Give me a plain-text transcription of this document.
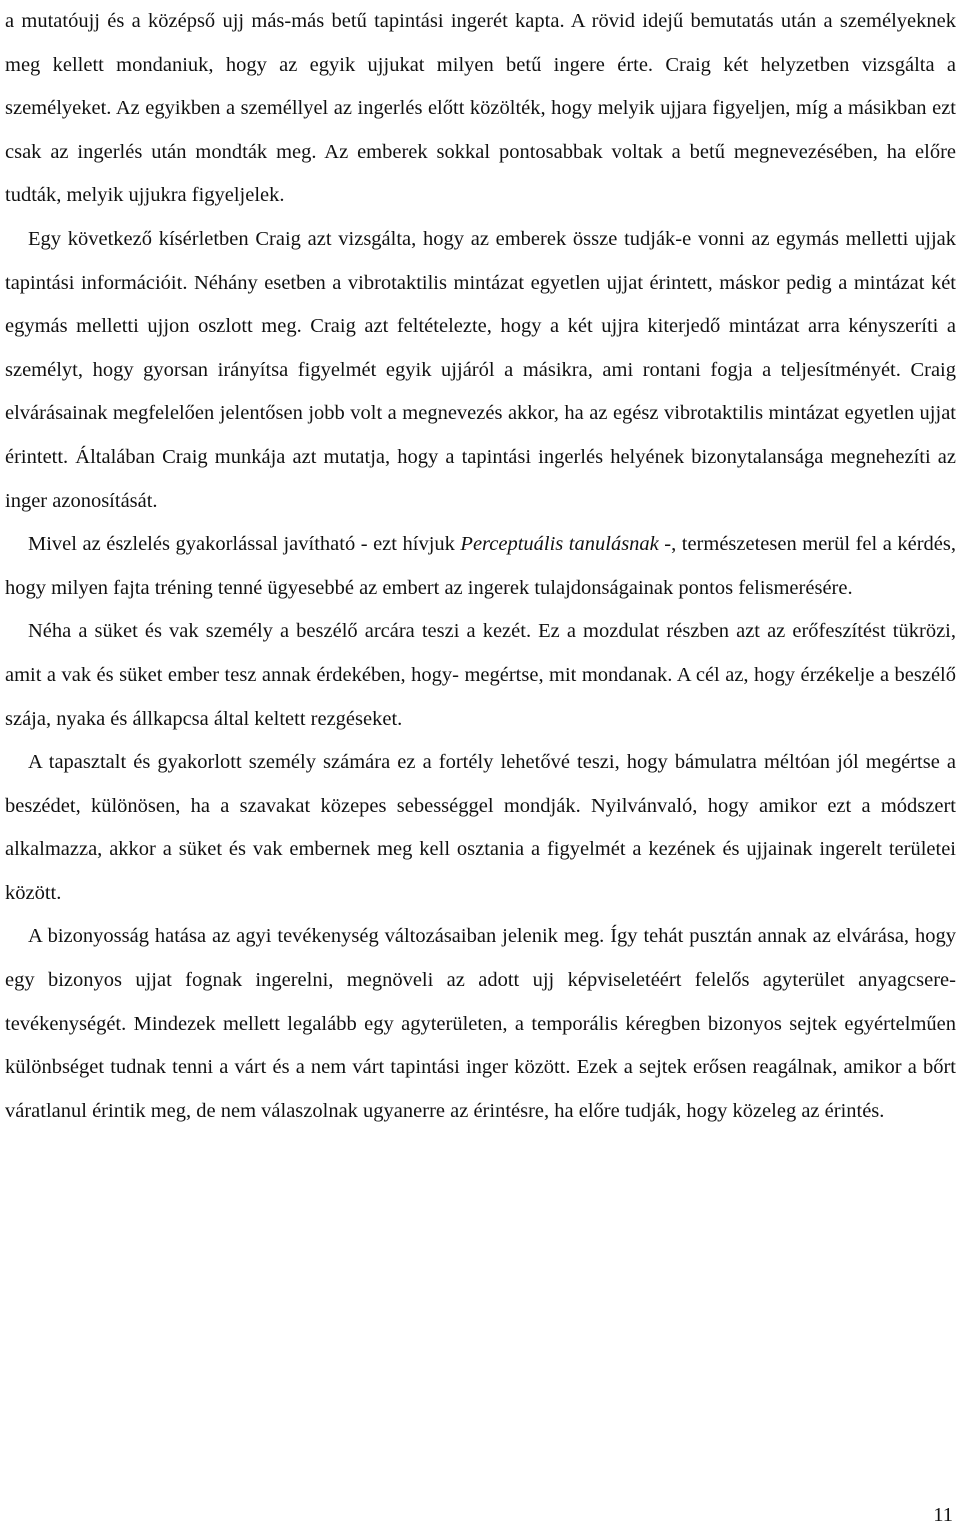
a mutatóujj és a középső ujj más-más betű tapintási ingerét kapta. A rövid idejű bemutatás után a személyeknek meg kellett mondaniuk, hogy az egyik ujjukat milyen betű ingere érte. Craig két helyzetben vizsgálta a személyeket. Az egyikben a személlyel az ingerlés előtt közölték, hogy melyik ujjara figyeljen, míg a másikban ezt csak az ingerlés után mondták meg. Az emberek sokkal pontosabbak voltak a betű megnevezésében, ha előre tudták, melyik ujjukra figyeljelek.

Egy következő kísérletben Craig azt vizsgálta, hogy az emberek össze tudják-e vonni az egymás melletti ujjak tapintási információit. Néhány esetben a vibrotaktilis mintázat egyetlen ujjat érintett, máskor pedig a mintázat két egymás melletti ujjon oszlott meg. Craig azt feltételezte, hogy a két ujjra kiterjedő mintázat arra kényszeríti a személyt, hogy gyorsan irányítsa figyelmét egyik ujjáról a másikra, ami rontani fogja a teljesítményét. Craig elvárásainak megfelelően jelentősen jobb volt a megnevezés akkor, ha az egész vibrotaktilis mintázat egyetlen ujjat érintett. Általában Craig munkája azt mutatja, hogy a tapintási ingerlés helyének bizonytalansága megnehezíti az inger azonosítását.

Mivel az észlelés gyakorlással javítható - ezt hívjuk Perceptuális tanulásnak -, természetesen merül fel a kérdés, hogy milyen fajta tréning tenné ügyesebbé az embert az ingerek tulajdonságainak pontos felismerésére.

Néha a süket és vak személy a beszélő arcára teszi a kezét. Ez a mozdulat részben azt az erőfeszítést tükrözi, amit a vak és süket ember tesz annak érdekében, hogy- megértse, mit mondanak. A cél az, hogy érzékelje a beszélő szája, nyaka és állkapcsa által keltett rezgéseket.

A tapasztalt és gyakorlott személy számára ez a fortély lehetővé teszi, hogy bámulatra méltóan jól megértse a beszédet, különösen, ha a szavakat közepes sebességgel mondják. Nyilvánvaló, hogy amikor ezt a módszert alkalmazza, akkor a süket és vak embernek meg kell osztania a figyelmét a kezének és ujjainak ingerelt területei között.

A bizonyosság hatása az agyi tevékenység változásaiban jelenik meg. Így tehát pusztán annak az elvárása, hogy egy bizonyos ujjat fognak ingerelni, megnöveli az adott ujj képviseletéért felelős agyterület anyagcsere-tevékenységét. Mindezek mellett legalább egy agyterületen, a temporális kéregben bizonyos sejtek egyértelműen különbséget tudnak tenni a várt és a nem várt tapintási inger között. Ezek a sejtek erősen reagálnak, amikor a bőrt váratlanul érintik meg, de nem válaszolnak ugyanerre az érintésre, ha előre tudják, hogy közeleg az érintés.

11
